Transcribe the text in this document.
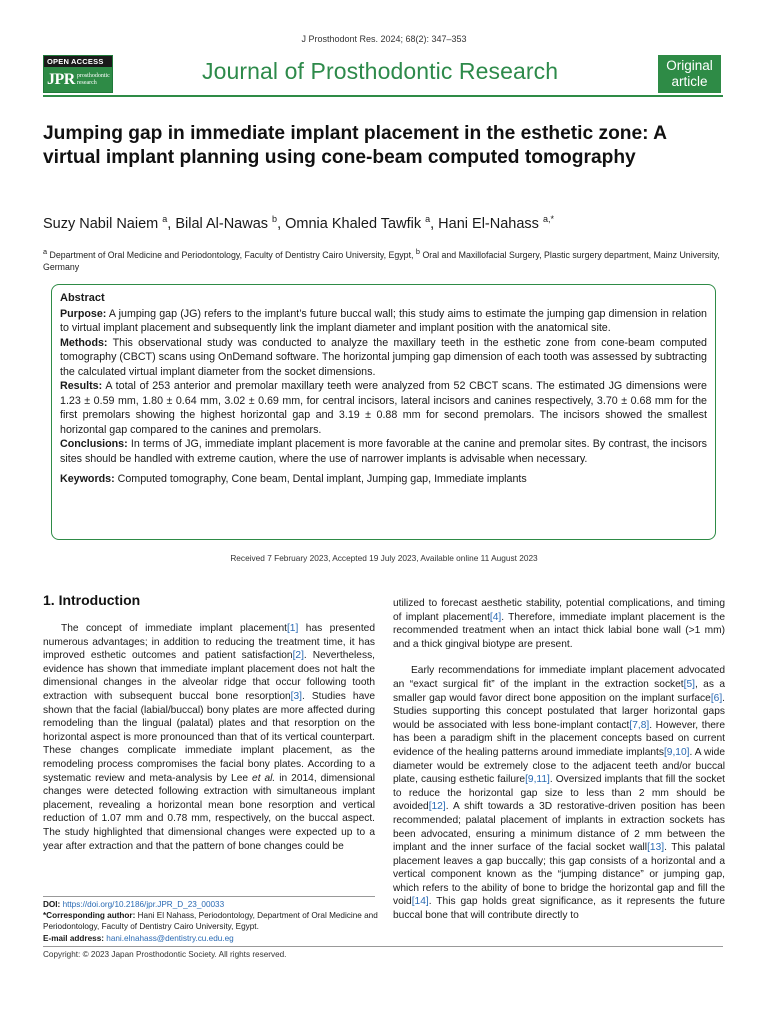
J Prosthodont Res. 2024; 68(2): 347–353
OPEN ACCESS
JPR prosthodontic
research	Journal of Prosthodontic Research	Original
article
Jumping gap in immediate implant placement in the esthetic zone: A virtual implant planning using cone-beam computed tomography
Suzy Nabil Naiem $^a$, Bilal Al-Nawas $^b$, Omnia Khaled Tawfik $^a$, Hani El-Nahass $^{a,*}$
$^a$ Department of Oral Medicine and Periodontology, Faculty of Dentistry Cairo University, Egypt, $^b$ Oral and Maxillofacial Surgery, Plastic surgery department, Mainz University, Germany
Abstract

Purpose: A jumping gap (JG) refers to the implant’s future buccal wall; this study aims to estimate the jumping gap dimension in relation to virtual implant placement and subsequently link the implant diameter and implant position with the anatomical site.

Methods: This observational study was conducted to analyze the maxillary teeth in the esthetic zone from cone-beam computed tomography (CBCT) scans using OnDemand software. The horizontal jumping gap dimension of each tooth was assessed by subtracting the calculated virtual implant diameter from the socket dimensions.

Results: A total of 253 anterior and premolar maxillary teeth were analyzed from 52 CBCT scans. The estimated JG dimensions were 1.23 ± 0.59 mm, 1.80 ± 0.64 mm, 3.02 ± 0.69 mm, for central incisors, lateral incisors and canines respectively, 3.70 ± 0.68 mm for the first premolars showing the highest horizontal gap and 3.19 ± 0.88 mm for second premolars. The incisors showed the smallest horizontal gap compared to the canines and premolars.

Conclusions: In terms of JG, immediate implant placement is more favorable at the canine and premolar sites. By contrast, the incisors sites should be handled with extreme caution, where the use of narrower implants is advisable when necessary.

Keywords: Computed tomography, Cone beam, Dental implant, Jumping gap, Immediate implants

Received 7 February 2023, Accepted 19 July 2023, Available online 11 August 2023
1. Introduction

The concept of immediate implant placement[1] has presented numerous advantages; in addition to reducing the treatment time, it has improved esthetic outcomes and patient satisfaction[2]. Nevertheless, evidence has shown that immediate implant placement does not halt the dimensional changes in the alveolar ridge that occur following tooth extraction with subsequent buccal bone resorption[3]. Studies have shown that the facial (labial/buccal) bony plates are more affected during remodeling than the lingual (palatal) plates and that resorption on the horizontal aspect is more pronounced than that of its vertical counterpart. These changes complicate immediate implant placement, as the remodeling process compromises the facial bony plates. According to a systematic review and meta-analysis by Lee et al. in 2014, dimensional changes were detected following extraction with simultaneous implant placement, revealing a horizontal mean bone resorption and vertical reduction of 1.07 mm and 0.78 mm, respectively, on the buccal aspect. The study highlighted that dimensional changes were expected up to a year after extraction and that the pattern of bone changes could be

utilized to forecast aesthetic stability, potential complications, and timing of implant placement[4]. Therefore, immediate implant placement is the recommended treatment when an intact thick labial bone wall (>1 mm) and a thick gingival biotype are present.

Early recommendations for immediate implant placement advocated an “exact surgical fit” of the implant in the extraction socket[5], as a smaller gap would favor direct bone apposition on the implant surface[6]. Studies supporting this concept postulated that larger horizontal gaps would be associated with less bone-implant contact[7,8]. However, there has been a paradigm shift in the placement concepts based on current evidence of the healing patterns around immediate implants[9,10]. A wide diameter would be extremely close to the adjacent teeth and/or buccal plate, causing esthetic failure[9,11]. Oversized implants that fill the socket to reduce the horizontal gap size to less than 2 mm should be avoided[12]. A shift towards a 3D restorative-driven position has been recommended; palatal placement of implants in extraction sockets has been advocated, ensuring a minimum distance of 2 mm between the implant and the inner surface of the facial socket wall[13]. This palatal placement leaves a gap buccally; this gap consists of a horizontal and a vertical component known as the “jumping distance” or jumping gap, which refers to the ability of bone to bridge the horizontal gap and fill the void[14]. This gap holds great significance, as it represents the future buccal bone that will contribute directly to

DOI: https://doi.org/10.2186/jpr.JPR_D_23_00033
*Corresponding author: Hani El Nahass, Periodontology, Department of Oral Medicine and Periodontology, Faculty of Dentistry Cairo University, Egypt.
E-mail address: hani.elnahass@dentistry.cu.edu.eg
Copyright: © 2023 Japan Prosthodontic Society. All rights reserved.
